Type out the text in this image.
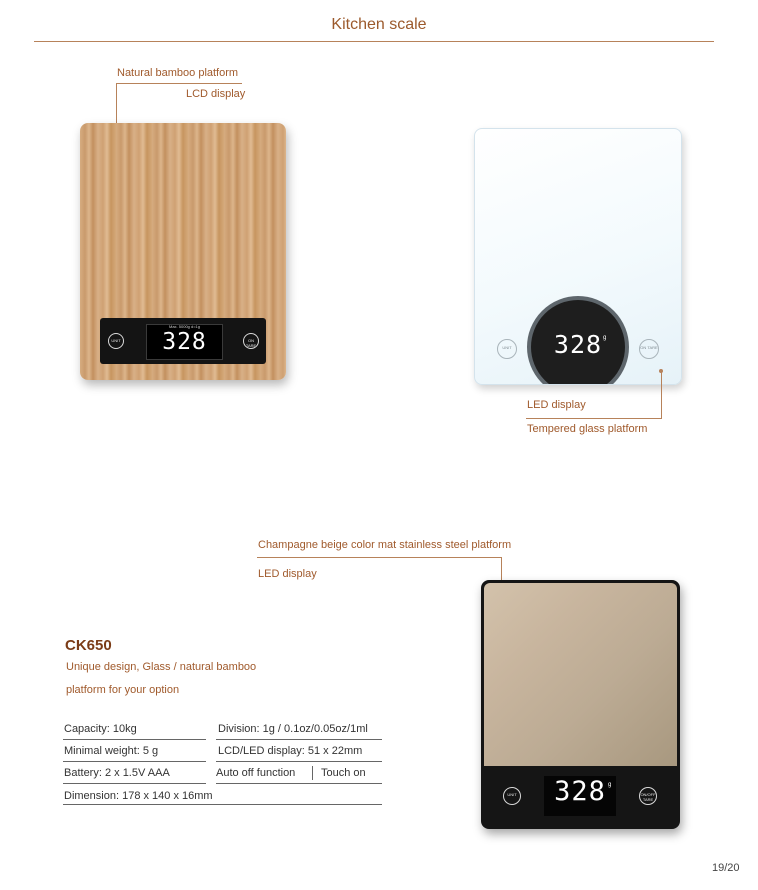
Kitchen scale
Natural bamboo platform
LCD display
UNIT
Max. 5000g d=1g
328	ON TARE	UNIT	328 g
ON TARE
LED display
Tempered glass platform
Champagne beige color mat stainless steel platform
LED display
UNIT	328 g
ON/OFF TARE
CK650
Unique design, Glass / natural bamboo
platform for your option
Capacity: 10kg	Division: 1g / 0.1oz/0.05oz/1ml
Minimal weight: 5 g	LCD/LED display: 51 x 22mm
Battery: 2 x 1.5V AAA	Auto off function Touch on
Dimension: 178 x 140 x 16mm
19/20
